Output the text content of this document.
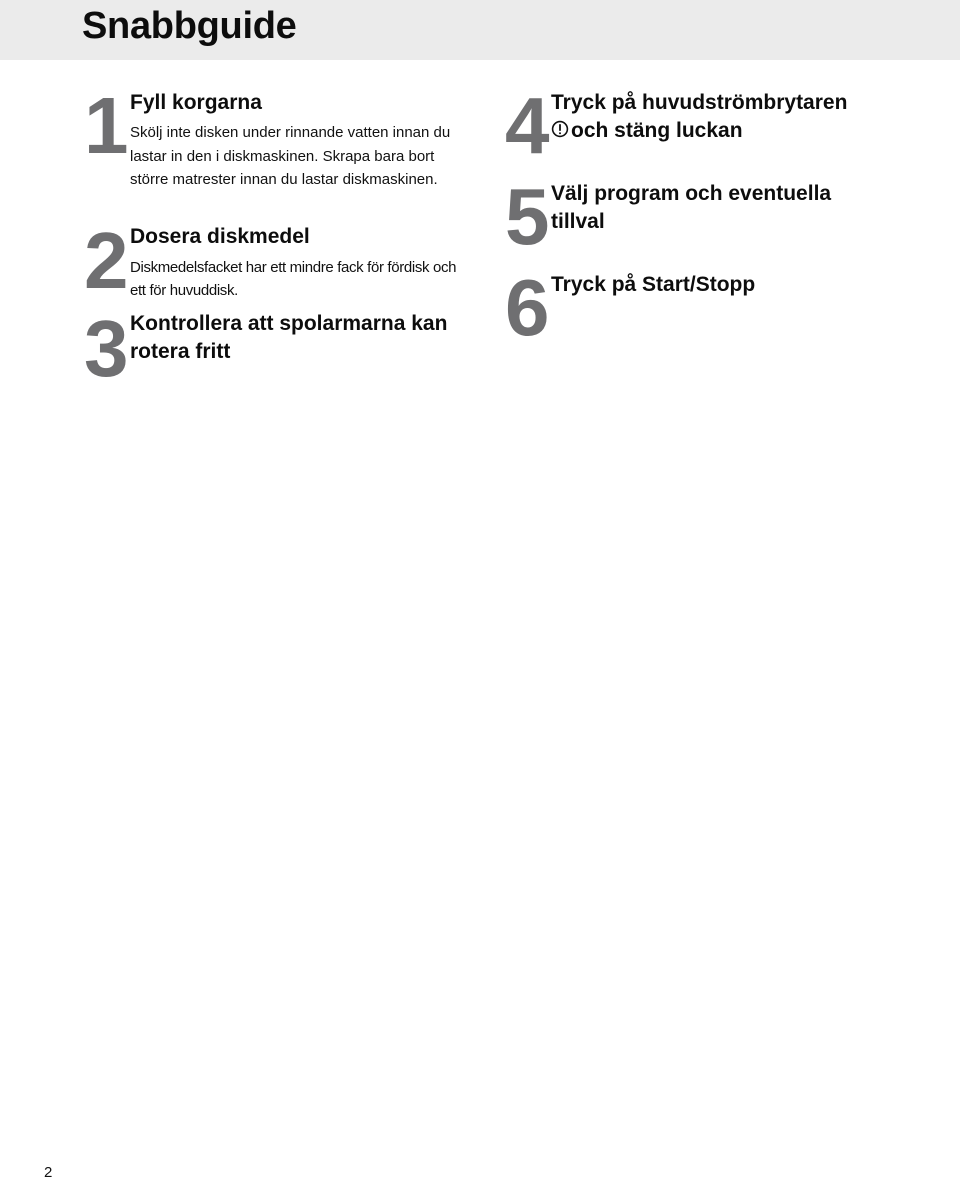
Snabbguide
1 Fyll korgarna

Skölj inte disken under rinnande vatten innan du lastar in den i diskmaskinen. Skrapa bara bort större matrester innan du lastar diskmaskinen.

2 Dosera diskmedel

Diskmedelsfacket har ett mindre fack för fördisk och ett för huvuddisk.

3 Kontrollera att spolarmarna kan rotera fritt
4 Tryck på huvudströmbrytaren
och stäng luckan
5 Välj program och eventuella tillval
6 Tryck på Start/Stopp
2
